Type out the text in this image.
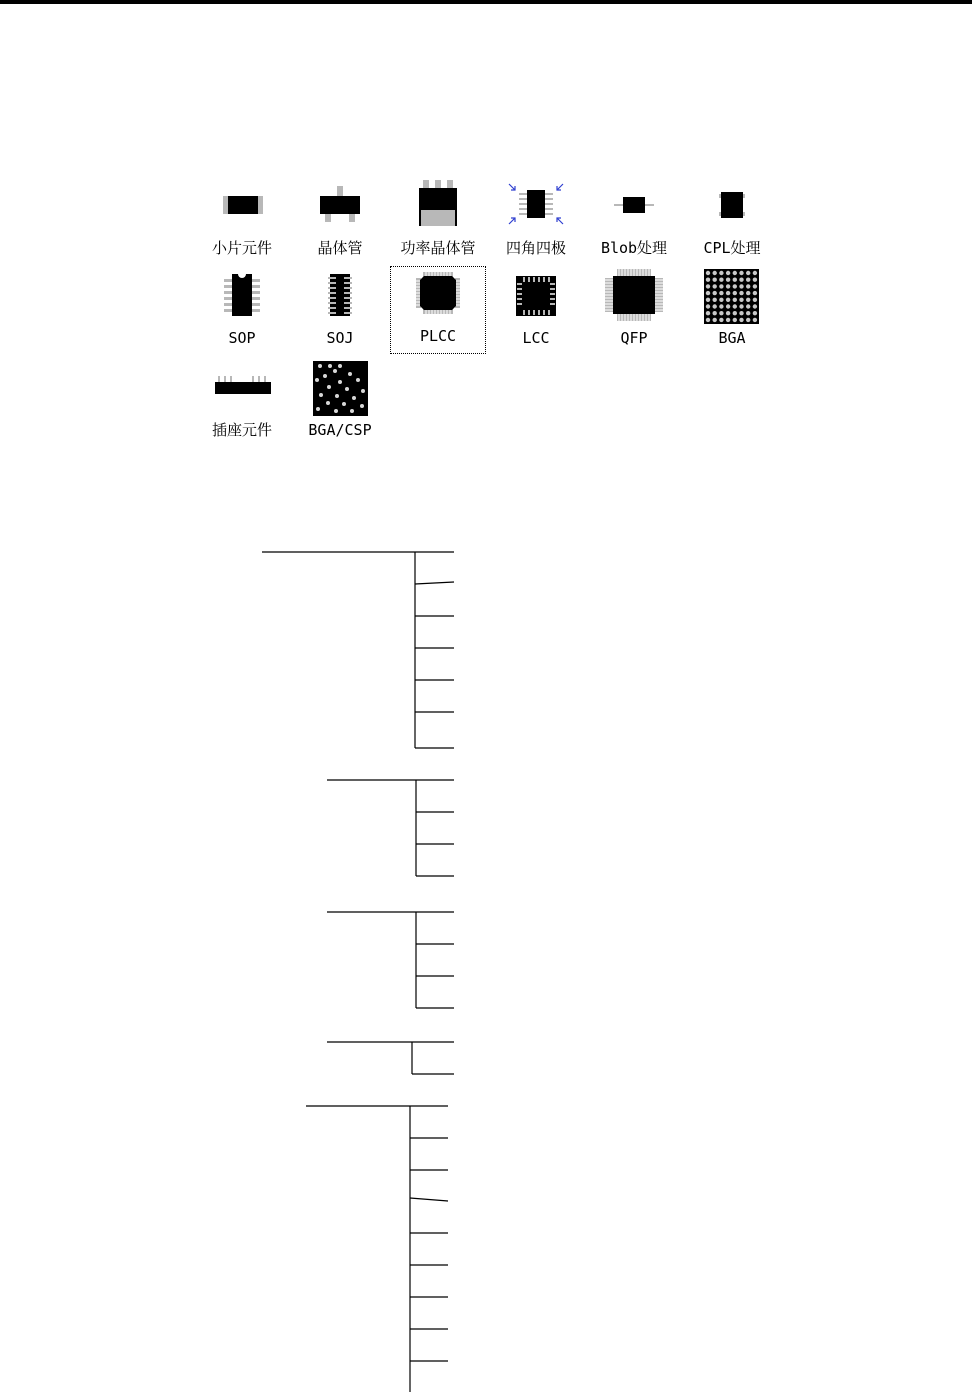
小片元件	晶体管	功率晶体管	四角四极	Blob处理	CPL处理
SOP	SOJ	PLCC	LCC	QFP	BGA
插座元件	BGA/CSP
